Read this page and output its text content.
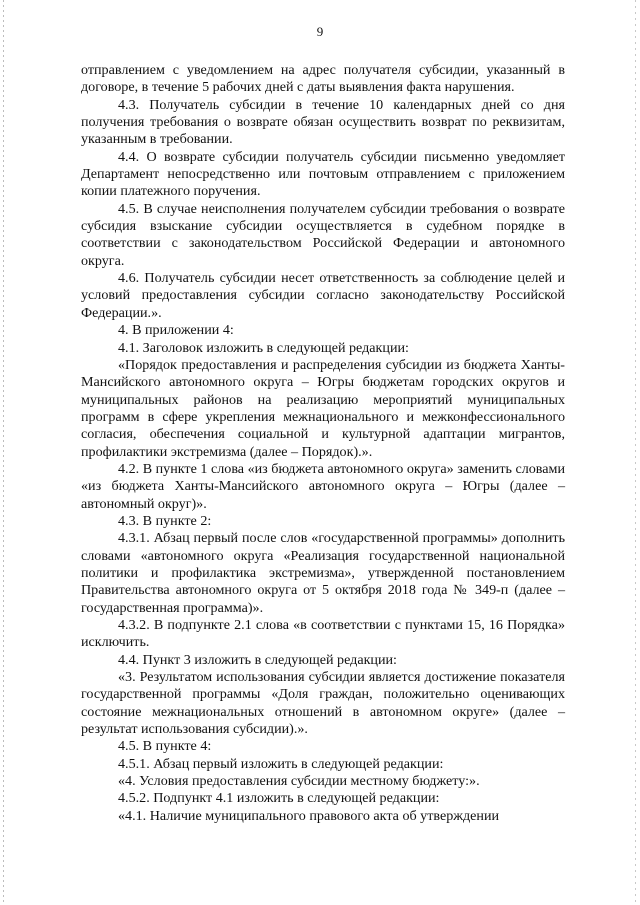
9

отправлением с уведомлением на адрес получателя субсидии, указанный в договоре, в течение 5 рабочих дней с даты выявления факта нарушения.

4.3. Получатель субсидии в течение 10 календарных дней со дня получения требования о возврате обязан осуществить возврат по реквизитам, указанным в требовании.

4.4. О возврате субсидии получатель субсидии письменно уведомляет Департамент непосредственно или почтовым отправлением с приложением копии платежного поручения.

4.5. В случае неисполнения получателем субсидии требования о возврате субсидия взыскание субсидии осуществляется в судебном порядке в соответствии с законодательством Российской Федерации и автономного округа.

4.6. Получатель субсидии несет ответственность за соблюдение целей и условий предоставления субсидии согласно законодательству Российской Федерации.».

4. В приложении 4:

4.1. Заголовок изложить в следующей редакции:

«Порядок предоставления и распределения субсидии из бюджета Ханты-Мансийского автономного округа – Югры бюджетам городских округов и муниципальных районов на реализацию мероприятий муниципальных программ в сфере укрепления межнационального и межконфессионального согласия, обеспечения социальной и культурной адаптации мигрантов, профилактики экстремизма (далее – Порядок).».

4.2. В пункте 1 слова «из бюджета автономного округа» заменить словами «из бюджета Ханты-Мансийского автономного округа – Югры (далее – автономный округ)».

4.3. В пункте 2:

4.3.1. Абзац первый после слов «государственной программы» дополнить словами «автономного округа «Реализация государственной национальной политики и профилактика экстремизма», утвержденной постановлением Правительства автономного округа от 5 октября 2018 года № 349-п (далее – государственная программа)».

4.3.2. В подпункте 2.1 слова «в соответствии с пунктами 15, 16 Порядка» исключить.

4.4. Пункт 3 изложить в следующей редакции:

«3. Результатом использования субсидии является достижение показателя государственной программы «Доля граждан, положительно оценивающих состояние межнациональных отношений в автономном округе» (далее – результат использования субсидии).».

4.5. В пункте 4:

4.5.1. Абзац первый изложить в следующей редакции:

«4. Условия предоставления субсидии местному бюджету:».

4.5.2. Подпункт 4.1 изложить в следующей редакции:

«4.1. Наличие муниципального правового акта об утверждении
